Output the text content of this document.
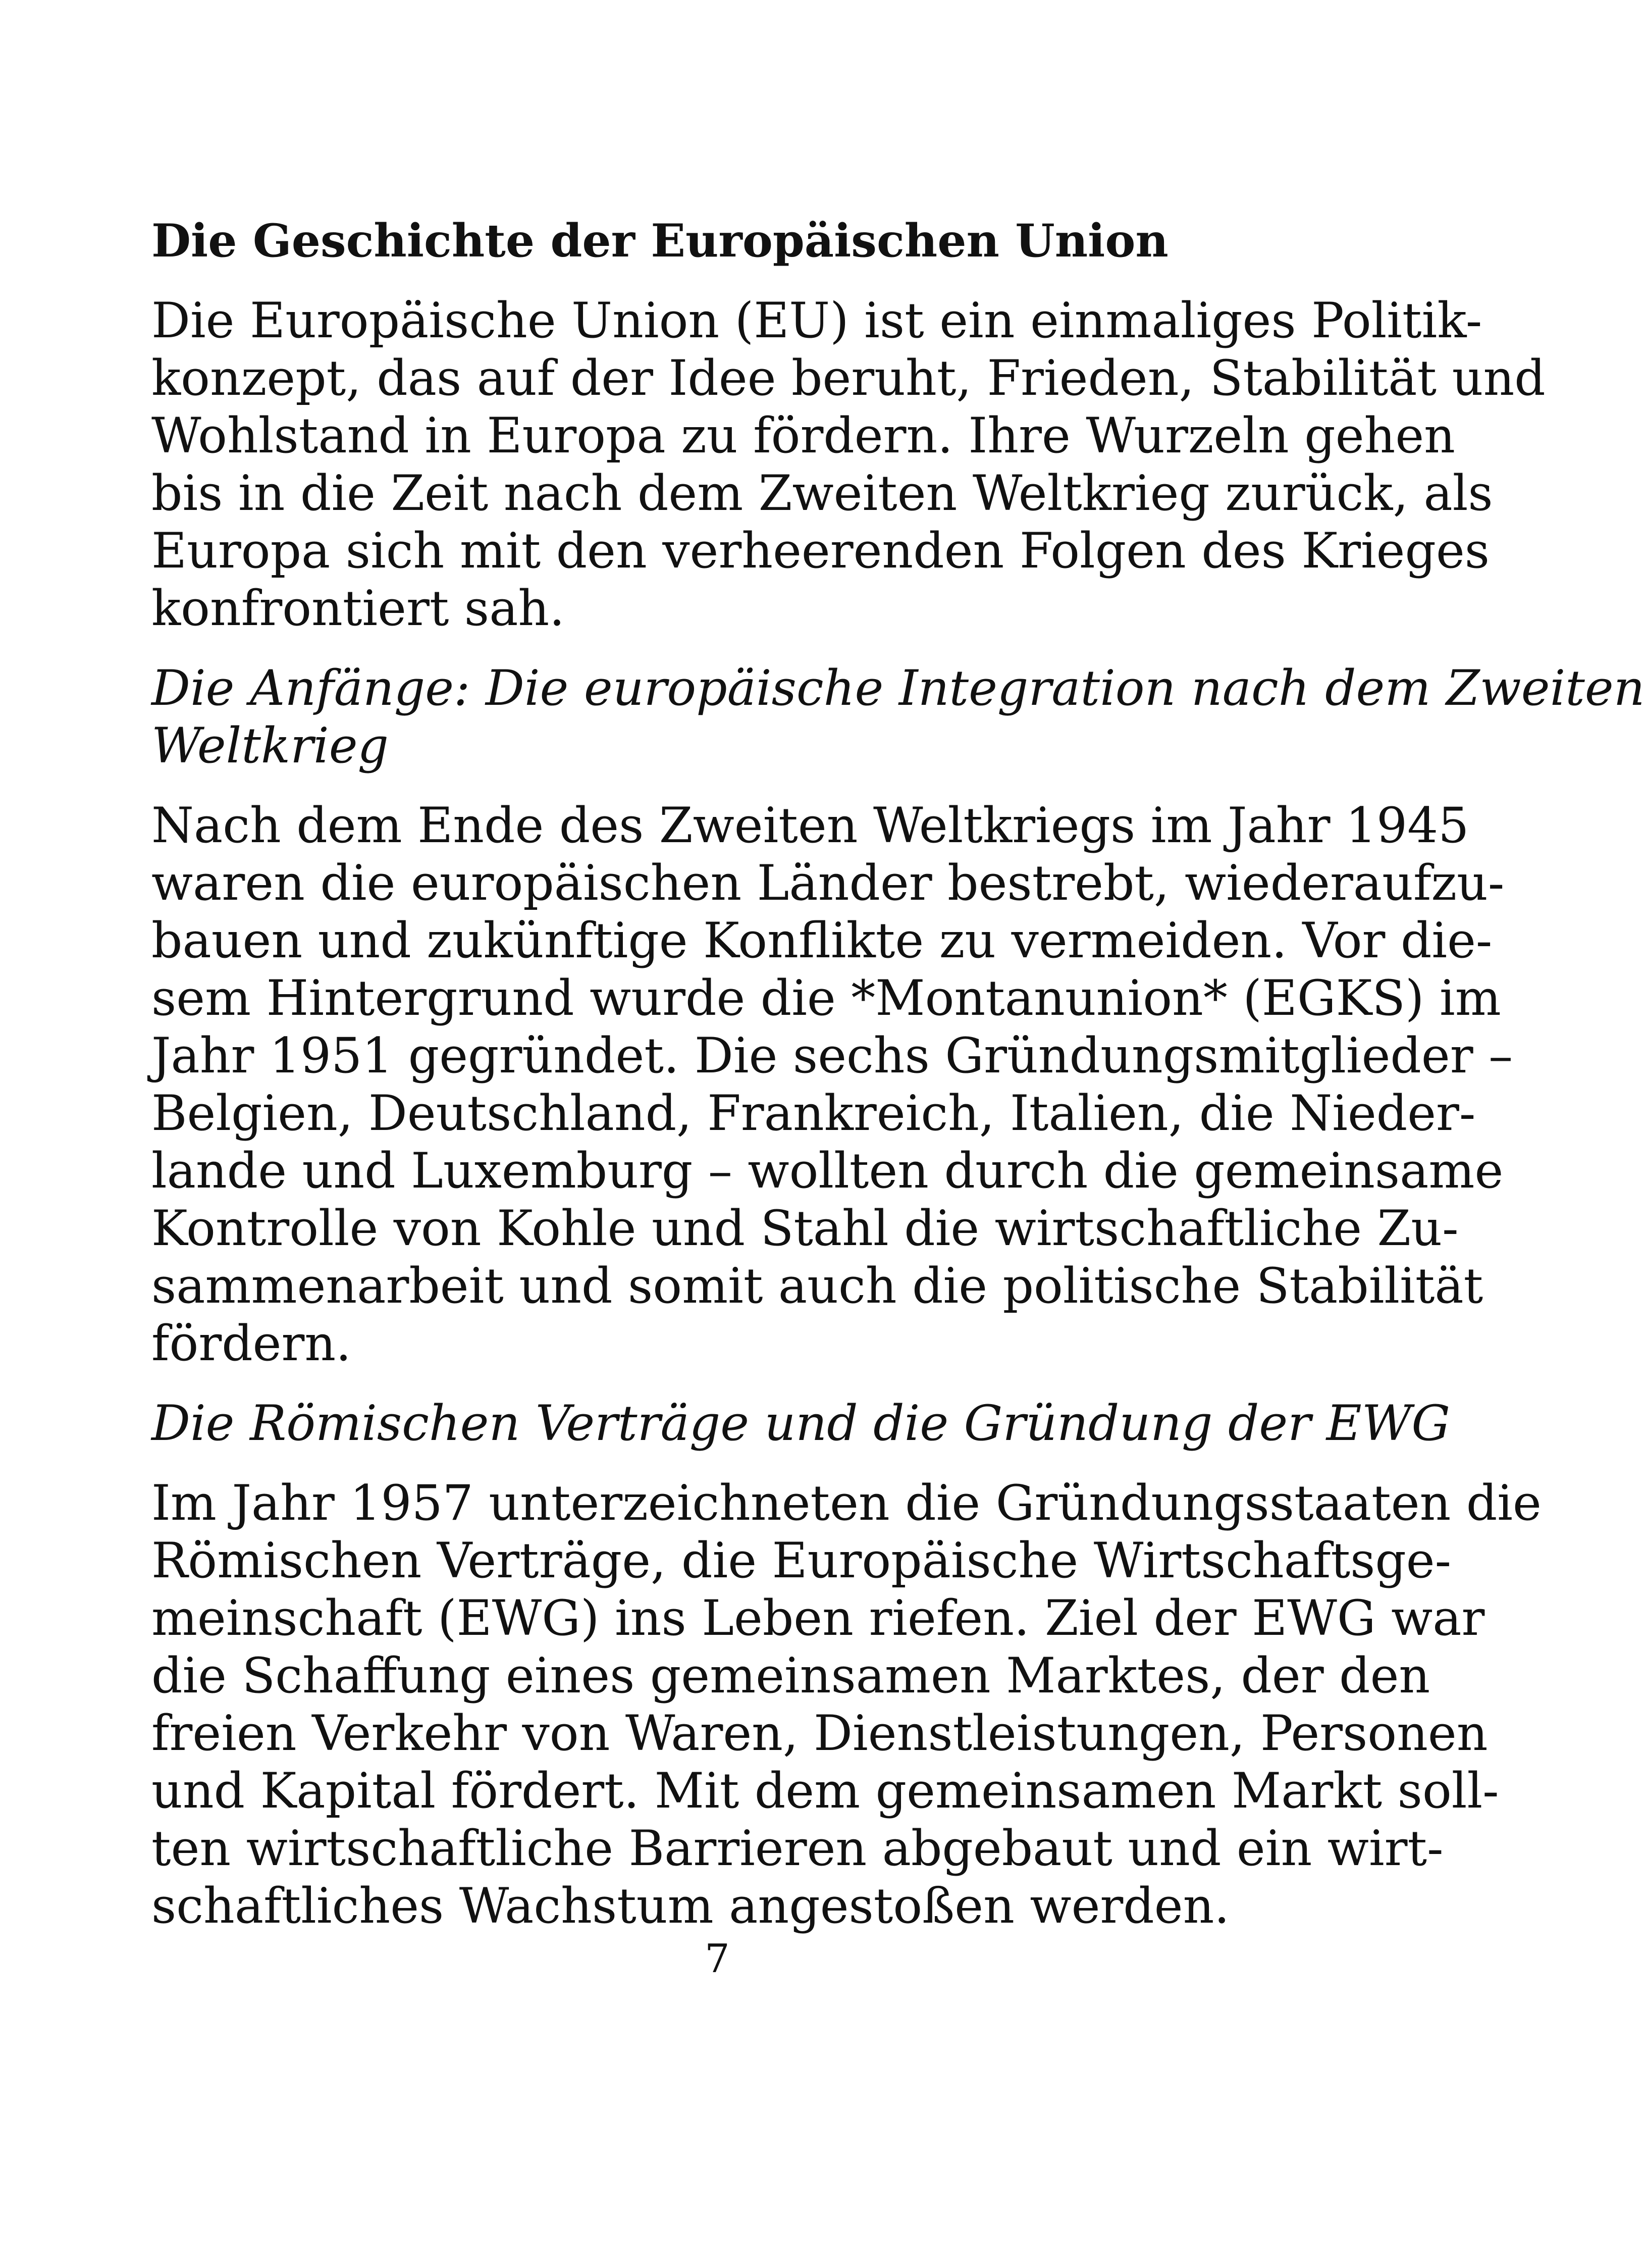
Die Geschichte der Europäischen Union
Die Europäische Union (EU) ist ein einmaliges Politik-
konzept, das auf der Idee beruht, Frieden, Stabilität und
Wohlstand in Europa zu fördern. Ihre Wurzeln gehen
bis in die Zeit nach dem Zweiten Weltkrieg zurück, als
Europa sich mit den verheerenden Folgen des Krieges
konfrontiert sah.
Die Anfänge: Die europäische Integration nach dem Zweiten
Weltkrieg
Nach dem Ende des Zweiten Weltkriegs im Jahr 1945
waren die europäischen Länder bestrebt, wiederaufzu-
bauen und zukünftige Konflikte zu vermeiden. Vor die-
sem Hintergrund wurde die *Montanunion* (EGKS) im
Jahr 1951 gegründet. Die sechs Gründungsmitglieder –
Belgien, Deutschland, Frankreich, Italien, die Nieder-
lande und Luxemburg – wollten durch die gemeinsame
Kontrolle von Kohle und Stahl die wirtschaftliche Zu-
sammenarbeit und somit auch die politische Stabilität
fördern.
Die Römischen Verträge und die Gründung der EWG
Im Jahr 1957 unterzeichneten die Gründungsstaaten die
Römischen Verträge, die Europäische Wirtschaftsge-
meinschaft (EWG) ins Leben riefen. Ziel der EWG war
die Schaffung eines gemeinsamen Marktes, der den
freien Verkehr von Waren, Dienstleistungen, Personen
und Kapital fördert. Mit dem gemeinsamen Markt soll-
ten wirtschaftliche Barrieren abgebaut und ein wirt-
schaftliches Wachstum angestoßen werden.
7
